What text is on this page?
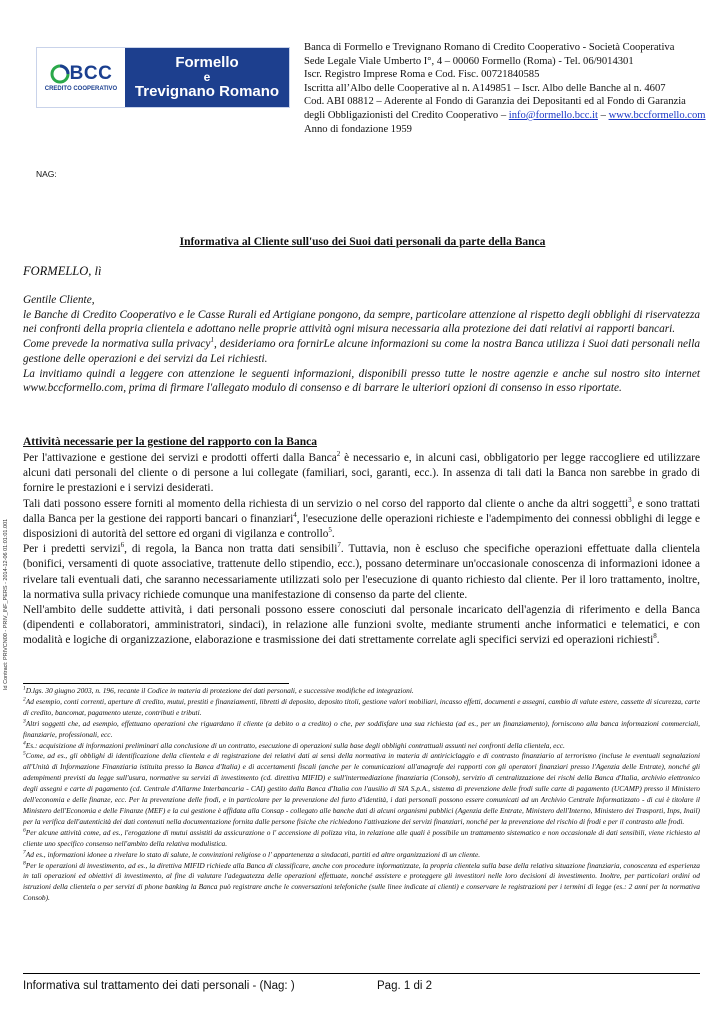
BCC
CREDITO COOPERATIVO
Formello
e
Trevignano Romano
Banca di Formello e Trevignano Romano di Credito Cooperativo - Società Cooperativa
Sede Legale Viale Umberto I°, 4 – 00060 Formello (Roma) - Tel. 06/9014301
Iscr. Registro Imprese Roma e Cod. Fisc. 00721840585
Iscritta all’Albo delle Cooperative al n. A149851 – Iscr. Albo delle Banche al n. 4607
Cod. ABI 08812 – Aderente al Fondo di Garanzia dei Depositanti ed al Fondo di Garanzia
degli Obbligazionisti del Credito Cooperativo – info@formello.bcc.it – www.bccformello.com
Anno di fondazione 1959
NAG:
Informativa al Cliente sull'uso dei Suoi dati personali da parte della Banca
FORMELLO, lì

Gentile Cliente,

le Banche di Credito Cooperativo e le Casse Rurali ed Artigiane pongono, da sempre, particolare attenzione al rispetto degli obblighi di riservatezza nei confronti della propria clientela e adottano nelle proprie attività ogni misura necessaria alla protezione dei dati relativi ai rapporti bancari.

Come prevede la normativa sulla privacy$^1$, desideriamo ora fornirLe alcune informazioni su come la nostra Banca utilizza i Suoi dati personali nella gestione delle operazioni e dei servizi da Lei richiesti.

La invitiamo quindi a leggere con attenzione le seguenti informazioni, disponibili presso tutte le nostre agenzie e anche sul nostro sito internet www.bccformello.com, prima di firmare l'allegato modulo di consenso e di barrare le ulteriori opzioni di consenso in esso riportate.

Attività necessarie per la gestione del rapporto con la Banca

Per l'attivazione e gestione dei servizi e prodotti offerti dalla Banca$^2$ è necessario e, in alcuni casi, obbligatorio per legge raccogliere ed utilizzare alcuni dati personali del cliente o di persone a lui collegate (familiari, soci, garanti, ecc.). In assenza di tali dati la Banca non sarebbe in grado di fornire le prestazioni e i servizi desiderati.

Tali dati possono essere forniti al momento della richiesta di un servizio o nel corso del rapporto dal cliente o anche da altri soggetti$^3$, e sono trattati dalla Banca per la gestione dei rapporti bancari o finanziari$^4$, l'esecuzione delle operazioni richieste e l'adempimento dei connessi obblighi di legge e disposizioni di autorità del settore ed organi di vigilanza e controllo$^5$.

Per i predetti servizi$^6$, di regola, la Banca non tratta dati sensibili$^7$. Tuttavia, non è escluso che specifiche operazioni effettuate dalla clientela (bonifici, versamenti di quote associative, trattenute dello stipendio, ecc.), possano determinare un'occasionale conoscenza di informazioni idonee a rivelare tali eventuali dati, che saranno necessariamente utilizzati solo per l'esecuzione di quanto richiesto dal cliente. Per il loro trattamento, inoltre, la normativa sulla privacy richiede comunque una manifestazione di consenso da parte del cliente.

Nell'ambito delle suddette attività, i dati personali possono essere conosciuti dal personale incaricato dell'agenzia di riferimento e della Banca (dipendenti e collaboratori, amministratori, sindaci), in relazione alle funzioni svolte, mediante strumenti anche informatici e telematici, e con modalità e logiche di organizzazione, elaborazione e trasmissione dei dati strettamente correlate agli specifici servizi ed operazioni richiesti$^8$.

$^1$D.lgs. 30 giugno 2003, n. 196, recante il Codice in materia di protezione dei dati personali, e successive modifiche ed integrazioni.

$^2$Ad esempio, conti correnti, aperture di credito, mutui, prestiti e finanziamenti, libretti di deposito, deposito titoli, gestione valori mobiliari, incasso effetti, documenti e assegni, cambio di valute estere, cassette di sicurezza, carte di credito, bancomat, pagamento utenze, contributi e tributi.

$^3$Altri soggetti che, ad esempio, effettuano operazioni che riguardano il cliente (a debito o a credito) o che, per soddisfare una sua richiesta (ad es., per un finanziamento), forniscono alla banca informazioni commerciali, finanziarie, professionali, ecc.

$^4$Es.: acquisizione di informazioni preliminari alla conclusione di un contratto, esecuzione di operazioni sulla base degli obblighi contrattuali assunti nei confronti della clientela, ecc.

$^5$Come, ad es., gli obblighi di identificazione della clientela e di registrazione dei relativi dati ai sensi della normativa in materia di antiriciclaggio e di contrasto finanziario al terrorismo (incluse le eventuali segnalazioni all'Unità di Informazione Finanziaria istituita presso la Banca d'Italia) e di accertamenti fiscali (anche per le comunicazioni all'anagrafe dei rapporti con gli operatori finanziari presso l'Agenzia delle Entrate), nonché gli adempimenti previsti da legge sull'usura, normative su servizi di investimento (cd. direttiva MIFID) e sull'intermediazione finanziaria (Consob), servizio di centralizzazione dei rischi della Banca d'Italia, archivio elettronico degli assegni e carte di pagamento (cd. Centrale d'Allarme Interbancaria - CAI) gestito dalla Banca d'Italia con l'ausilio di SIA S.p.A., sistema di prevenzione delle frodi sulle carte di pagamento (UCAMP) presso il Ministero dell'economia e delle finanze, ecc. Per la prevenzione delle frodi, e in particolare per la prevenzione del furto d'identità, i dati personali possono essere comunicati ad un Archivio Centrale Informatizzato - di cui è titolare il Ministero dell'Economia e delle Finanze (MEF) e la cui gestione è affidata alla Consap - collegato alle banche dati di alcuni organismi pubblici (Agenzia delle Entrate, Ministero dell'Interno, Ministero dei Trasporti, Inps, Inail) per la verifica dell'autenticità dei dati contenuti nella documentazione fornita dalle persone fisiche che richiedono l'attivazione dei servizi finanziari, nonché per la prevenzione del rischio di frodi e per il contrasto alle frodi.

$^6$Per alcune attività come, ad es., l'erogazione di mutui assistiti da assicurazione o l' accensione di polizza vita, in relazione alle quali è possibile un trattamento sistematico e non occasionale di dati sensibili, viene richiesto al cliente uno specifico consenso nell'ambito della relativa modulistica.

$^7$Ad es., informazioni idonee a rivelare lo stato di salute, le convinzioni religiose o l' appartenenza a sindacati, partiti ed altre organizzazioni di un cliente.

$^8$Per le operazioni di investimento, ad es., la direttiva MIFID richiede alla Banca di classificare, anche con procedure informatizzate, la propria clientela sulla base della relativa situazione finanziaria, conoscenza ed esperienza in tali operazioni ed obiettivi di investimento, al fine di valutare l'adeguatezza delle operazioni effettuate, nonché assistere e proteggere gli investitori nelle loro decisioni di investimento. Inoltre, per particolari ordini od istruzioni della clientela o per servizi di phone banking la Banca può registrare anche le conversazioni telefoniche (sulle linee indicate ai clienti) e conservare le registrazioni per i termini di legge (es.: 2 anni per la normativa Consob).

Id Contract: PRIVCN00 - PRIV_INF_PERS - 2014-12-06 01:01:01.001
Informativa sul trattamento dei dati personali - (Nag: )	Pag. 1 di 2
